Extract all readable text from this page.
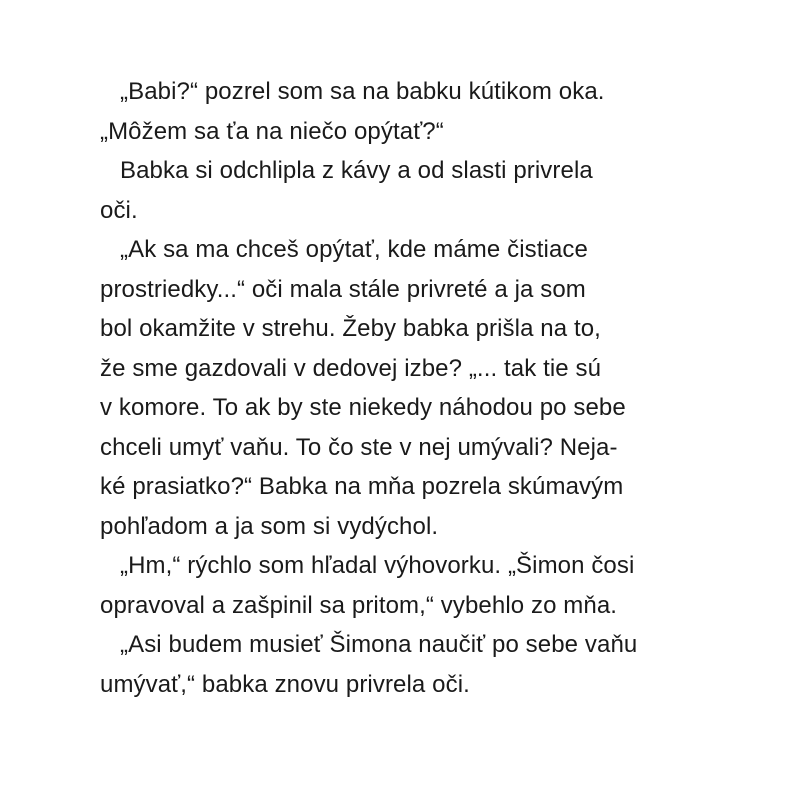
„Babi?“ pozrel som sa na babku kútikom oka.
„Môžem sa ťa na niečo opýtať?“
Babka si odchlipla z kávy a od slasti privrela
oči.
„Ak sa ma chceš opýtať, kde máme čistiace
prostriedky...“ oči mala stále privreté a ja som
bol okamžite v strehu. Žeby babka prišla na to,
že sme gazdovali v dedovej izbe? „... tak tie sú
v komore. To ak by ste niekedy náhodou po sebe
chceli umyť vaňu. To čo ste v nej umývali? Neja-
ké prasiatko?“ Babka na mňa pozrela skúmavým
pohľadom a ja som si vydýchol.
„Hm,“ rýchlo som hľadal výhovorku. „Šimon čosi
opravoval a zašpinil sa pritom,“ vybehlo zo mňa.
„Asi budem musieť Šimona naučiť po sebe vaňu
umývať,“ babka znovu privrela oči.
